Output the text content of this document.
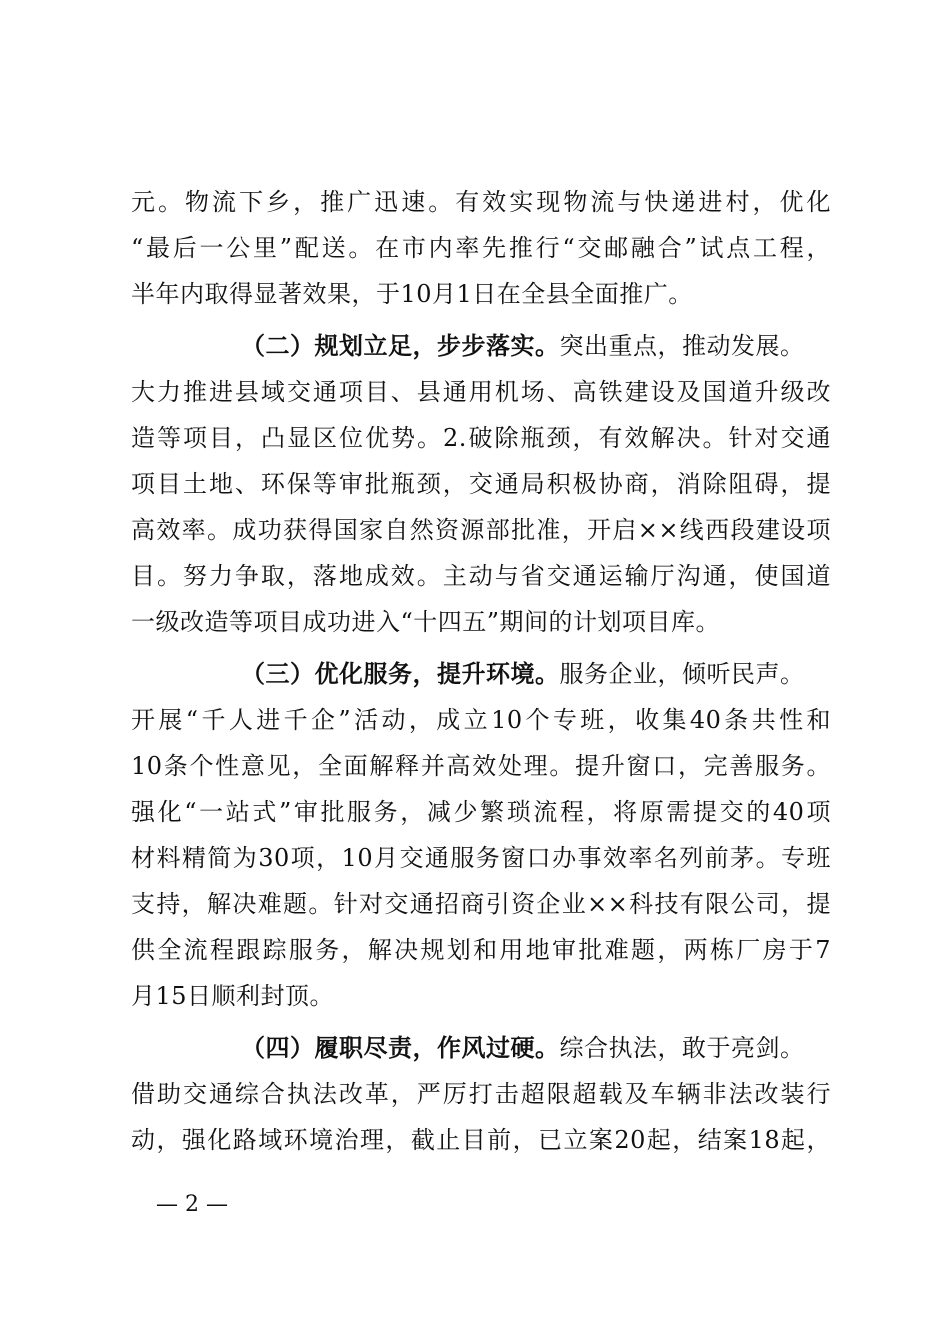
元。物流下乡，推广迅速。有效实现物流与快递进村，优化
“最后一公里”配送。在市内率先推行“交邮融合”试点工程，
半年内取得显著效果，于10月1日在全县全面推广。
（二）规划立足，步步落实。突出重点，推动发展。
大力推进县域交通项目、县通用机场、高铁建设及国道升级改
造等项目，凸显区位优势。2.破除瓶颈，有效解决。针对交通
项目土地、环保等审批瓶颈，交通局积极协商，消除阻碍，提
高效率。成功获得国家自然资源部批准，开启××线西段建设项
目。努力争取，落地成效。主动与省交通运输厅沟通，使国道
一级改造等项目成功进入“十四五”期间的计划项目库。
（三）优化服务，提升环境。服务企业，倾听民声。
开展“千人进千企”活动，成立10个专班，收集40条共性和
10条个性意见，全面解释并高效处理。提升窗口，完善服务。
强化“一站式”审批服务，减少繁琐流程，将原需提交的40项
材料精简为30项，10月交通服务窗口办事效率名列前茅。专班
支持，解决难题。针对交通招商引资企业××科技有限公司，提
供全流程跟踪服务，解决规划和用地审批难题，两栋厂房于7
月15日顺利封顶。
（四）履职尽责，作风过硬。综合执法，敢于亮剑。
借助交通综合执法改革，严厉打击超限超载及车辆非法改装行
动，强化路域环境治理，截止目前，已立案20起，结案18起，
— 2 —
